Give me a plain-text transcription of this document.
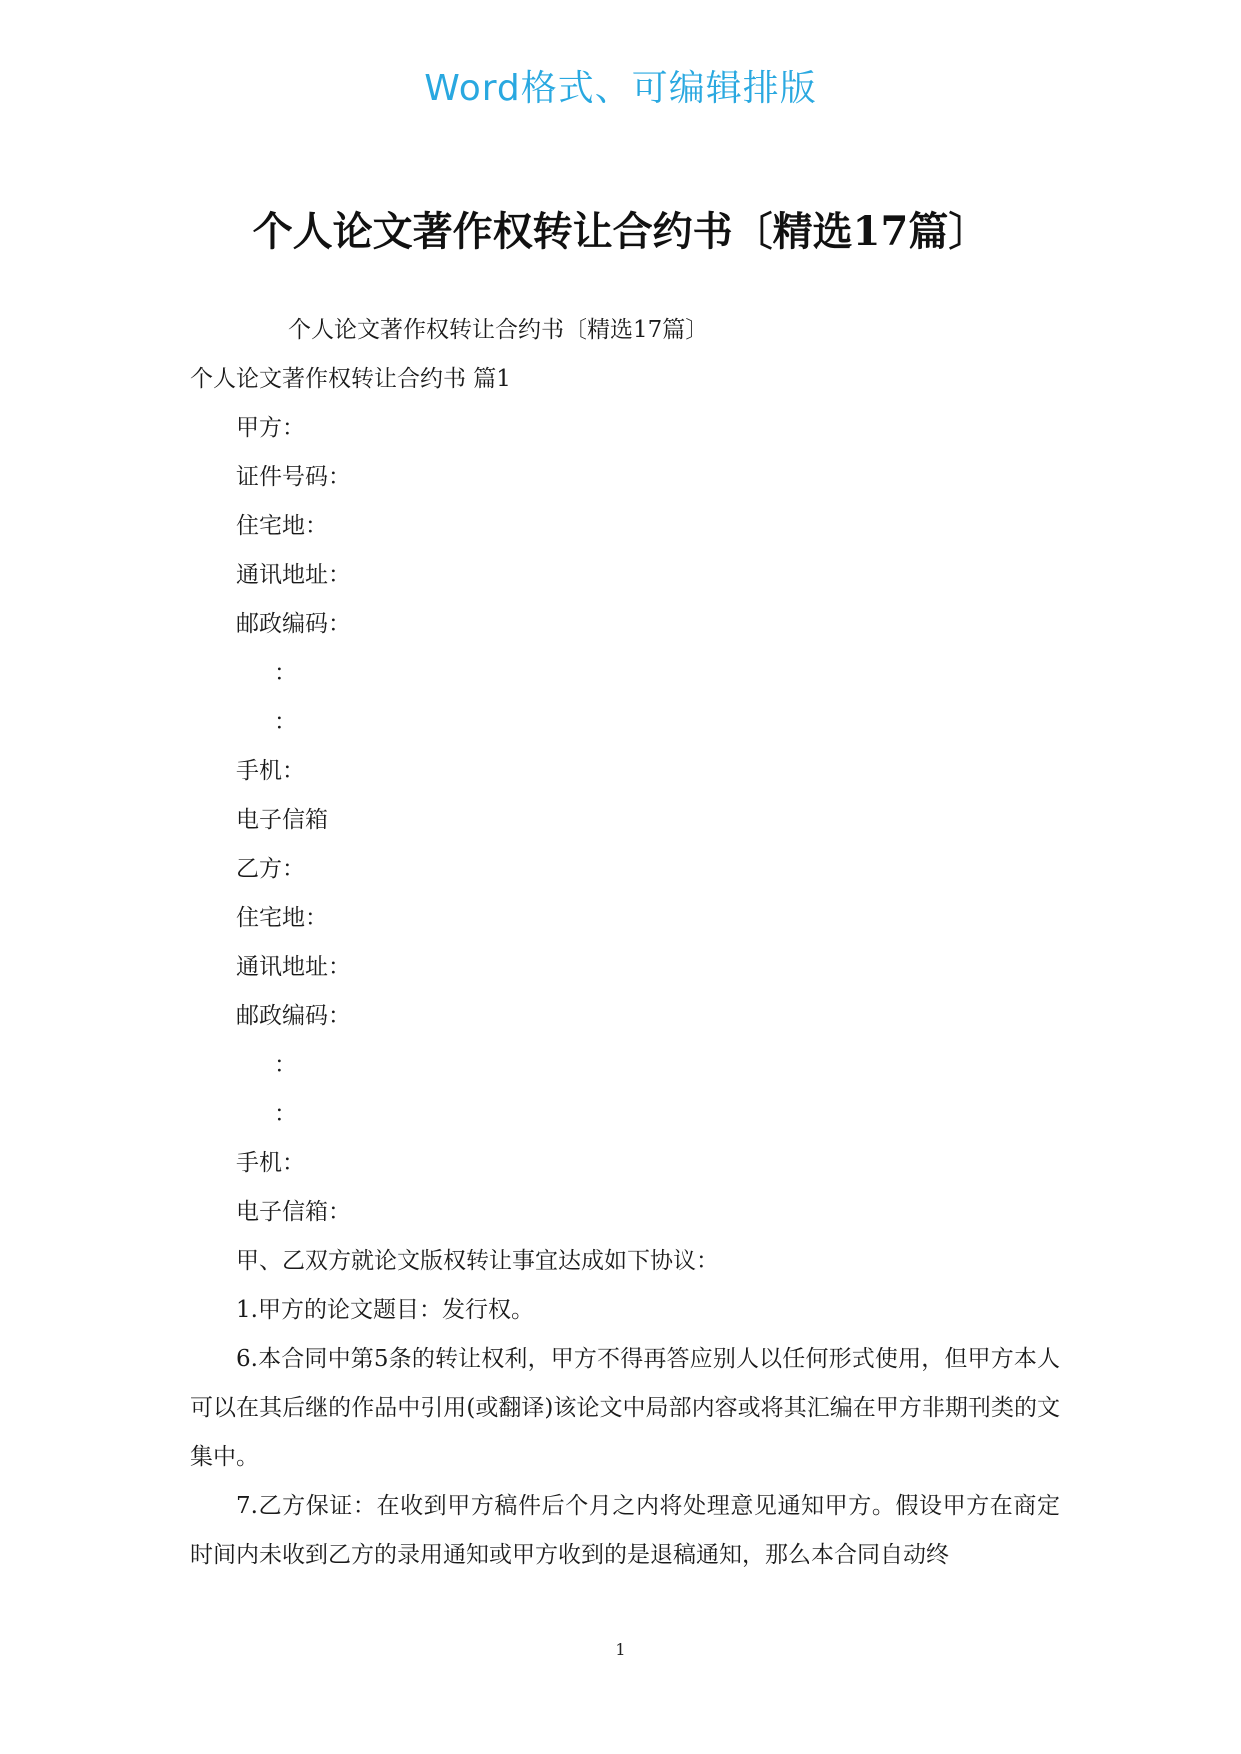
Word格式、可编辑排版
个人论文著作权转让合约书〔精选17篇〕
个人论文著作权转让合约书〔精选17篇〕
个人论文著作权转让合约书 篇1
甲方：
证件号码：
住宅地：
通讯地址：
邮政编码：
：
：
手机：
电子信箱
乙方：
住宅地：
通讯地址：
邮政编码：
：
：
手机：
电子信箱：
甲、乙双方就论文版权转让事宜达成如下协议：
1.甲方的论文题目：发行权。
6.本合同中第5条的转让权利，甲方不得再答应别人以任何形式使用，但甲方本人可以在其后继的作品中引用(或翻译)该论文中局部内容或将其汇编在甲方非期刊类的文集中。
7.乙方保证：在收到甲方稿件后个月之内将处理意见通知甲方。假设甲方在商定时间内未收到乙方的录用通知或甲方收到的是退稿通知，那么本合同自动终
1
